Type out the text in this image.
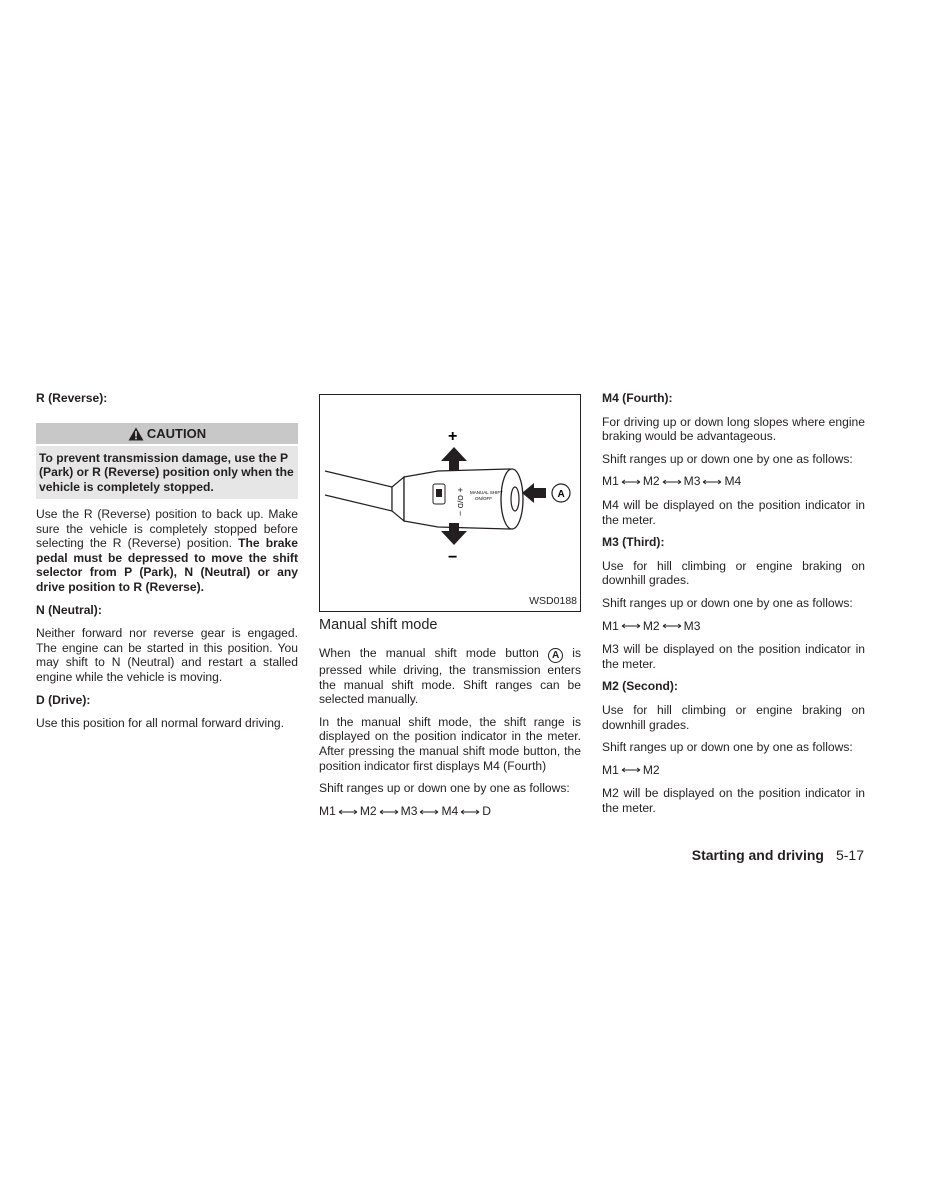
R (Reverse):
CAUTION
To prevent transmission damage, use the P (Park) or R (Reverse) position only when the vehicle is completely stopped.

Use the R (Reverse) position to back up. Make sure the vehicle is completely stopped before selecting the R (Reverse) position. The brake pedal must be depressed to move the shift selector from P (Park), N (Neutral) or any drive position to R (Reverse).

N (Neutral):

Neither forward nor reverse gear is engaged. The engine can be started in this position. You may shift to N (Neutral) and restart a stalled engine while the vehicle is moving.

D (Drive):

Use this position for all normal forward driving.

+ O/D − MANUAL SHIFT
ON/OFF
+
−
A
WSD0188
Manual shift mode

When the manual shift mode button A is pressed while driving, the transmission enters the manual shift mode. Shift ranges can be selected manually.

In the manual shift mode, the shift range is displayed on the position indicator in the meter. After pressing the manual shift mode button, the position indicator first displays M4 (Fourth)

Shift ranges up or down one by one as follows:

M1 M2 M3 M4 D
M4 (Fourth):

For driving up or down long slopes where engine braking would be advantageous.

Shift ranges up or down one by one as follows:

M1 M2 M3 M4

M4 will be displayed on the position indicator in the meter.

M3 (Third):

Use for hill climbing or engine braking on downhill grades.

Shift ranges up or down one by one as follows:

M1 M2 M3

M3 will be displayed on the position indicator in the meter.

M2 (Second):

Use for hill climbing or engine braking on downhill grades.

Shift ranges up or down one by one as follows:

M1 M2

M2 will be displayed on the position indicator in the meter.

Starting and driving 5-17
